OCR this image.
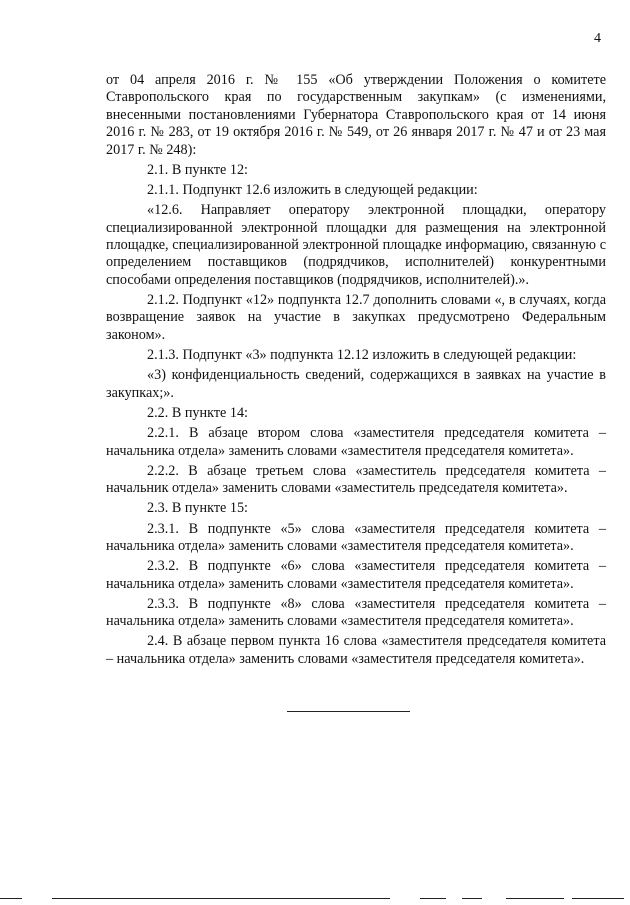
4

от 04 апреля 2016 г. № 155 «Об утверждении Положения о комитете Ставропольского края по государственным закупкам» (с изменениями, внесенными постановлениями Губернатора Ставропольского края от 14 июня 2016 г. № 283, от 19 октября 2016 г. № 549, от 26 января 2017 г. № 47 и от 23 мая 2017 г. № 248):

2.1. В пункте 12:

2.1.1. Подпункт 12.6 изложить в следующей редакции:

«12.6. Направляет оператору электронной площадки, оператору специализированной электронной площадки для размещения на электронной площадке, специализированной электронной площадке информацию, связанную с определением поставщиков (подрядчиков, исполнителей) конкурентными способами определения поставщиков (подрядчиков, исполнителей).».

2.1.2. Подпункт «12» подпункта 12.7 дополнить словами «, в случаях, когда возвращение заявок на участие в закупках предусмотрено Федеральным законом».

2.1.3. Подпункт «3» подпункта 12.12 изложить в следующей редакции:

«3) конфиденциальность сведений, содержащихся в заявках на участие в закупках;».

2.2. В пункте 14:

2.2.1. В абзаце втором слова «заместителя председателя комитета – начальника отдела» заменить словами «заместителя председателя комитета».

2.2.2. В абзаце третьем слова «заместитель председателя комитета – начальник отдела» заменить словами «заместитель председателя комитета».

2.3. В пункте 15:

2.3.1. В подпункте «5» слова «заместителя председателя комитета – начальника отдела» заменить словами «заместителя председателя комитета».

2.3.2. В подпункте «6» слова «заместителя председателя комитета – начальника отдела» заменить словами «заместителя председателя комитета».

2.3.3. В подпункте «8» слова «заместителя председателя комитета – начальника отдела» заменить словами «заместителя председателя комитета».

2.4. В абзаце первом пункта 16 слова «заместителя председателя комитета – начальника отдела» заменить словами «заместителя председателя комитета».
